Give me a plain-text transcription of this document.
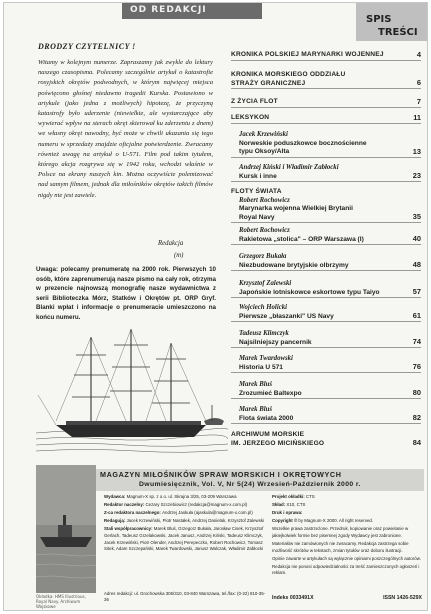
OD REDAKCJI
SPIS
TREŚCI
DRODZY CZYTELNICY !

Witamy w kolejnym numerze. Zapraszamy jak zwykle do lektury naszego czasopisma. Polecamy szczególnie artykuł o katastrofie rosyjskich okrętów podwodnych, w którym najwięcej miejsca poświęcono głośnej niedawno tragedii Kurska. Postawiono w artykule (jako jedna z możliwych) hipotezę, że przyczyną katastrofy było uderzenie (niewielkie, ale wystarczające aby wywierać wpływ na sterach okręt skierował ku zderzeniu z dnem) we własny okręt nawodny, być może w chwili ukazania się tego numeru w sprzedaży znajdzie oficjalne potwierdzenie. Zwracamy również uwagę na artykuł o U-571. Film pod takim tytułem, którego akcja rozgrywa się w 1942 roku, wchodzi właśnie w Polsce na ekrany naszych kin. Można oczywiście polemizować nad samym filmem, jednak dla miłośników okrętów takich filmów nigdy nie jest zawiele.

Redakcja
(m)

Uwaga: polecamy prenumeratę na 2000 rok. Pierwszych 10 osób, które zaprenumerują nasze pismo na cały rok, otrzyma w prezencie najnowszą monografię nasze wydawnictwa z serii Biblioteczka Mórz, Statków i Okrętów pt. ORP Gryf. Blanki wpłat i informacje o prenumeracie umieszczono na końcu numeru.

KRONIKA POLSKIEJ MARYNARKI WOJENNEJ	4
KRONIKA MORSKIEGO ODDZIAŁU
STRAŻY GRANICZNEJ	6
Z ŻYCIA FLOT	7
LEKSYKON	11
Jacek Krzewiński
Norweskie poduszkowce bocznościenne
typu Oksoy/Alta	13
Andrzej Kiński i Władimir Zabłocki
Kursk i inne	23
FLOTY ŚWIATA
Robert Rochowicz
Marynarka wojenna Wielkiej Brytanii
Royal Navy	35
Robert Rochowicz
Rakietowa „stolica" – ORP Warszawa (I)	40
Grzegorz Bukała
Niezbudowane brytyjskie olbrzymy	48
Krzysztof Zalewski
Japońskie lotniskowce eskortowe typu Taiyo	57
Wojciech Holicki
Pierwsze „błaszanki" US Navy	61
Tadeusz Klimczyk
Najsilniejszy pancernik	74
Marek Twardowski
Historia U 571	76
Marek Bluś
Zrozumieć Baltexpo	80
Marek Bluś
Flota świata 2000	82
ARCHIWUM MORSKIE
IM. JERZEGO MICIŃSKIEGO	84
MAGAZYN MIŁOŚNIKÓW SPRAW MORSKICH I OKRĘTOWYCH
Dwumiesięcznik, Vol. V, Nr 5(24) Wrzesień-Październik 2000 r.
Okładka: HMS Illustrious, Royal Navy. Archiwum Wojskowe

Wydawca: Magnum-X sp. z o.o. ul. Skrajna 3/25, 03-209 Warszawa

Redaktor naczelny: Cezary Szczebiowicz (redakcja@magnum-x.com.pl)

Z-ca redaktora naczelnego: Andrzej Jaskuła (ajaskula@magnum-x.com.pl)

Redagują: Jacek Krzewiński, Piotr Nastałek, Andrzej Danielak, Krzysztof Zalewski

Stali współpracownicy: Marek Bluś, Grzegorz Bukała, Jarosław Cisek, Krzysztof Gerlach, Tadeusz Grzelakowski, Jacek Janusz, Andrzej Kiński, Tadeusz Klimczyk, Jacek Krzewiński, Piotr Olender, Andrzej Perepeczko, Robert Rochowicz, Tomasz Sitek, Adam Szczepański, Marek Twardowski, Janusz Walczak, Władimir Zabłocki

Adres redakcji: ul. Grochowska 306/310, 03-840 Warszawa, tel./fax: (0-22) 810-35-36

Projekt okładki: CTS

Skład: X10, CTS

Druk i oprawa:

Copyright © by Magnum-X 2000. All right reserved.

Wszelkie prawa zastrzeżone. Przedruk, kopiowanie oraz powielanie w jakiejkolwiek formie bez pisemnej zgody Wydawcy jest zabronione.

Materiałów nie zamówionych nie zwracamy. Redakcja zastrzega sobie możliwość skrótów w tekstach, zmian tytułów oraz doboru ilustracji.

Opinie zawarte w artykułach są wyłącznie opiniami poszczególnych autorów.

Redakcja nie ponosi odpowiedzialności za treść zamieszczonych ogłoszeń i reklam.

Indeks 0033491X	ISSN 1426-529X
